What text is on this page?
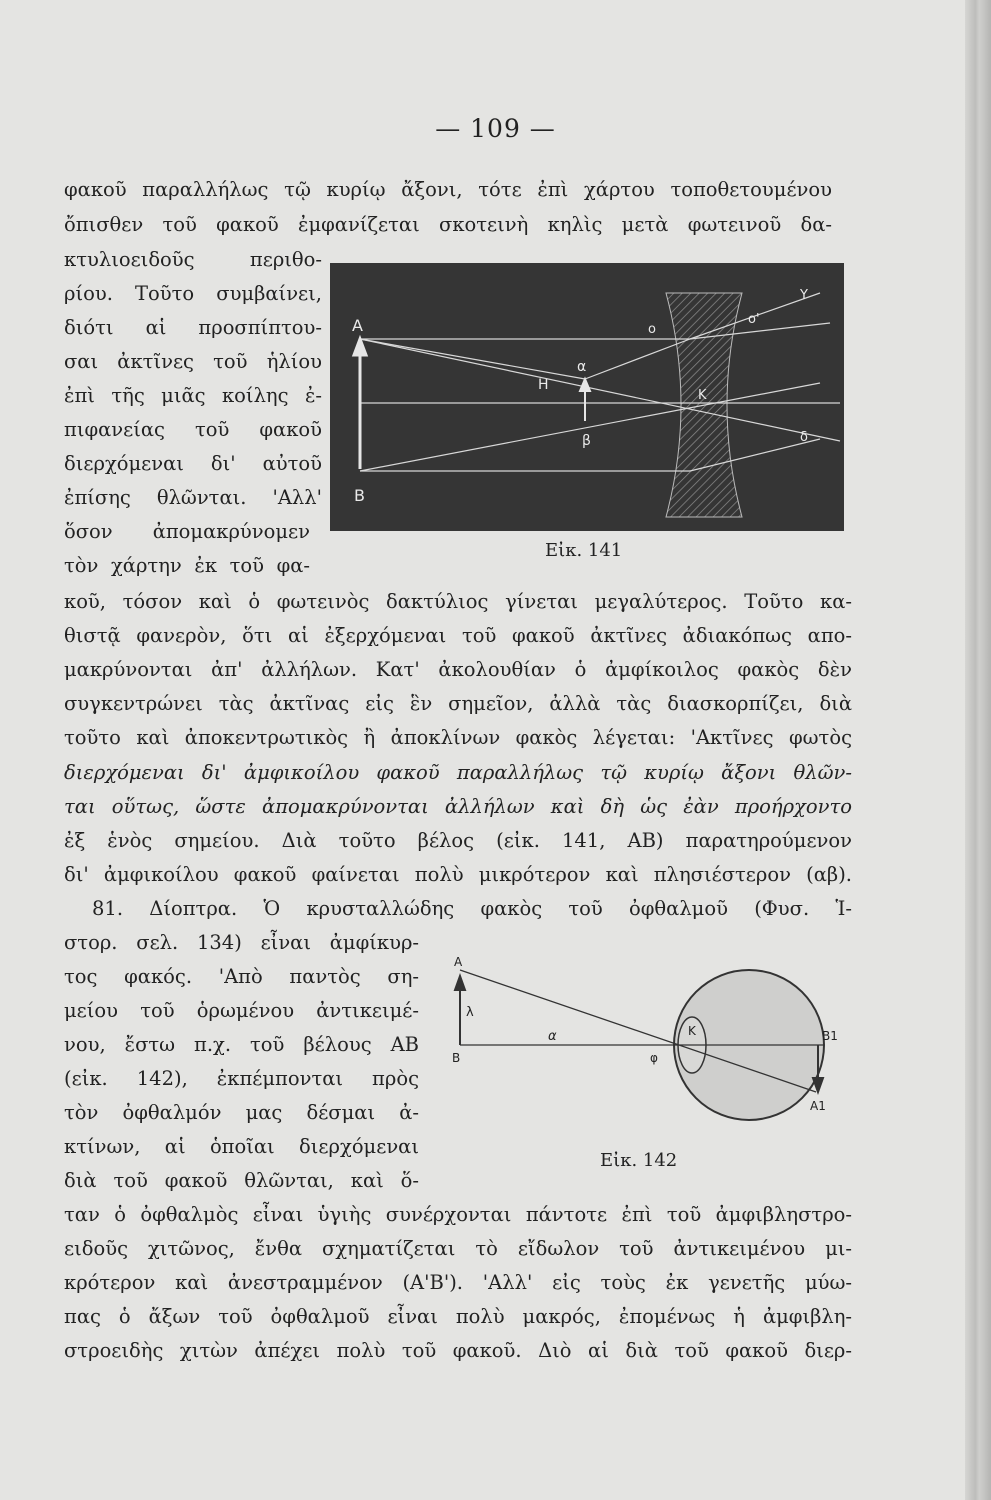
— 109 —
φακοῦ παραλλήλως τῷ κυρίῳ ἄξονι, τότε ἐπὶ χάρτου τοποθετουμένου
ὄπισθεν τοῦ φακοῦ ἐμφανίζεται σκοτεινὴ κηλὶς μετὰ φωτεινοῦ δα-
κτυλιοειδοῦς περιθο-
ρίου. Τοῦτο συμβαίνει,
διότι αἱ προσπίπτου-
σαι ἀκτῖνες τοῦ ἡλίου
ἐπὶ τῆς μιᾶς κοίλης ἐ-
πιφανείας τοῦ φακοῦ
διερχόμεναι δι' αὐτοῦ
ἐπίσης θλῶνται. 'Αλλ'
ὅσον ἀπομακρύνομεν
τὸν χάρτην ἐκ τοῦ φα-
Α
Β
α
β
Η
Κ
ο
ο'
Υ
δ
Εἰκ. 141
κοῦ, τόσον καὶ ὁ φωτεινὸς δακτύλιος γίνεται μεγαλύτερος. Τοῦτο κα-
θιστᾷ φανερὸν, ὅτι αἱ ἐξερχόμεναι τοῦ φακοῦ ἀκτῖνες ἀδιακόπως απο-
μακρύνονται ἀπ' ἀλλήλων. Κατ' ἀκολουθίαν ὁ ἀμφίκοιλος φακὸς δὲν
συγκεντρώνει τὰς ἀκτῖνας εἰς ἓν σημεῖον, ἀλλὰ τὰς διασκορπίζει, διὰ
τοῦτο καὶ ἀποκεντρωτικὸς ἢ ἀποκλίνων φακὸς λέγεται: 'Ακτῖνες φωτὸς
διερχόμεναι δι' ἀμφικοίλου φακοῦ παραλλήλως τῷ κυρίῳ ἄξονι θλῶν-
ται οὕτως, ὥστε ἀπομακρύνονται ἀλλήλων καὶ δὴ ὡς ἐὰν προήρχοντο
ἐξ ἑνὸς σημείου. Διὰ τοῦτο βέλος (εἰκ. 141, ΑΒ) παρατηρούμενον
δι' ἀμφικοίλου φακοῦ φαίνεται πολὺ μικρότερον καὶ πλησιέστερον (αβ).
81. Δίοπτρα. Ὁ κρυσταλλώδης φακὸς τοῦ ὀφθαλμοῦ (Φυσ. Ἱ-
στορ. σελ. 134) εἶναι ἀμφίκυρ-
τος φακός. 'Απὸ παντὸς ση-
μείου τοῦ ὁρωμένου ἀντικειμέ-
νου, ἔστω π.χ. τοῦ βέλους ΑΒ
(εἰκ. 142), ἐκπέμπονται πρὸς
τὸν ὀφθαλμόν μας δέσμαι ἀ-
κτίνων, αἱ ὁποῖαι διερχόμεναι
διὰ τοῦ φακοῦ θλῶνται, καὶ ὅ-
Α
Β
λ
α	Κ
φ
Β1
Α1
Εἰκ. 142
ταν ὁ ὀφθαλμὸς εἶναι ὑγιὴς συνέρχονται πάντοτε ἐπὶ τοῦ ἀμφιβληστρο-
ειδοῦς χιτῶνος, ἔνθα σχηματίζεται τὸ εἴδωλον τοῦ ἀντικειμένου μι-
κρότερον καὶ ἀνεστραμμένον (Α'Β'). 'Αλλ' εἰς τοὺς ἐκ γενετῆς μύω-
πας ὁ ἄξων τοῦ ὀφθαλμοῦ εἶναι πολὺ μακρός, ἐπομένως ἡ ἀμφιβλη-
στροειδὴς χιτὼν ἀπέχει πολὺ τοῦ φακοῦ. Διὸ αἱ διὰ τοῦ φακοῦ διερ-
